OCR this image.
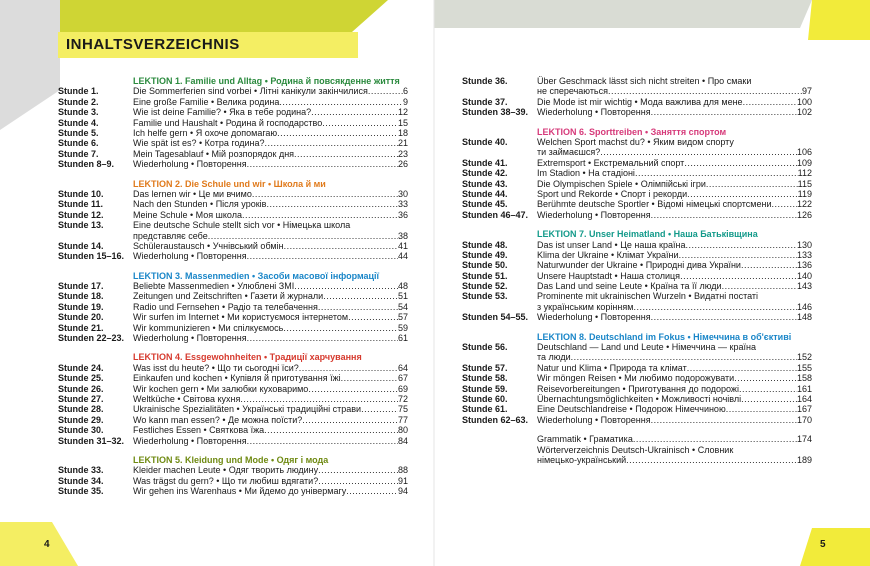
INHALTSVERZEICHNIS
LEKTION 1. Familie und Alltag • Родина й повсякденне життя
Stunde 1.	Die Sommerferien sind vorbei • Літні канікули закінчилися .....	6
Stunde 2.	Eine große Familie • Велика родина .....	9
Stunde 3.	Wie ist deine Familie? • Яка в тебе родина? .....	12
Stunde 4.	Familie und Haushalt • Родина й господарство .....	15
Stunde 5.	Ich helfe gern • Я охоче допомагаю .....	18
Stunde 6.	Wie spät ist es? • Котра година? .....	21
Stunde 7.	Mein Tagesablauf • Мій розпорядок дня .....	23
Stunden 8–9.	Wiederholung • Повторення .....	26
LEKTION 2. Die Schule und wir • Школа й ми
Stunde 10.	Das lernen wir • Це ми вчимо .....	30
Stunde 11.	Nach den Stunden • Після уроків .....	33
Stunde 12.	Meine Schule • Моя школа .....	36
Stunde 13.	Eine deutsche Schule stellt sich vor • Німецька школа
представляє себе .....	38
Stunde 14.	Schüleraustausch • Учнівський обмін .....	41
Stunden 15–16. Wiederholung • Повторення .....	44
LEKTION 3. Massenmedien • Засоби масової інформації
Stunde 17.	Beliebte Massenmedien • Улюблені ЗМІ .....	48
Stunde 18.	Zeitungen und Zeitschriften • Газети й журнали .....	51
Stunde 19.	Radio und Fernsehen • Радіо та телебачення .....	54
Stunde 20.	Wir surfen im Internet • Ми користуємося інтернетом .....	57
Stunde 21.	Wir kommunizieren • Ми спілкуємось .....	59
Stunden 22–23. Wiederholung • Повторення .....	61
LEKTION 4. Essgewohnheiten • Традиції харчування
Stunde 24.	Was isst du heute? • Що ти сьогодні їси? .....	64
Stunde 25.	Einkaufen und kochen • Купівля й приготування їжі .....	67
Stunde 26.	Wir kochen gern • Ми залюбки куховаримо .....	69
Stunde 27.	Weltküche • Світова кухня .....	72
Stunde 28.	Ukrainische Spezialitäten • Українські традиційні страви .....	75
Stunde 29.	Wo kann man essen? • Де можна поїсти? .....	77
Stunde 30.	Festliches Essen • Святкова їжа .....	80
Stunden 31–32. Wiederholung • Повторення .....	84
LEKTION 5. Kleidung und Mode • Одяг і мода
Stunde 33.	Kleider machen Leute • Одяг творить людину .....	88
Stunde 34.	Was trägst du gern? • Що ти любиш вдягати? .....	91
Stunde 35.	Wir gehen ins Warenhaus • Ми йдемо до універмагу .....	94
Stunde 36.	Über Geschmack lässt sich nicht streiten • Про смаки
не сперечаються .....	97
Stunde 37.	Die Mode ist mir wichtig • Мода важлива для мене .....	100
Stunden 38–39. Wiederholung • Повторення .....	102
LEKTION 6. Sporttreiben • Заняття спортом
Stunde 40.	Welchen Sport machst du? • Яким видом спорту
ти займаєшся? .....	106
Stunde 41.	Extremsport • Екстремальний спорт .....	109
Stunde 42.	Im Stadion • На стадіоні .....	112
Stunde 43.	Die Olympischen Spiele • Олімпійські ігри .....	115
Stunde 44.	Sport und Rekorde • Спорт і рекорди .....	119
Stunde 45.	Berühmte deutsche Sportler • Відомі німецькі спортсмени .....	122
Stunden 46–47. Wiederholung • Повторення .....	126
LEKTION 7. Unser Heimatland • Наша Батьківщина
Stunde 48.	Das ist unser Land • Це наша країна .....	130
Stunde 49.	Klima der Ukraine • Клімат України .....	133
Stunde 50.	Naturwunder der Ukraine • Природні дива України .....	136
Stunde 51.	Unsere Hauptstadt • Наша столиця .....	140
Stunde 52.	Das Land und seine Leute • Країна та її люди .....	143
Stunde 53.	Prominente mit ukrainischen Wurzeln • Видатні постаті
з українським корінням .....	146
Stunden 54–55. Wiederholung • Повторення .....	148
LEKTION 8. Deutschland im Fokus • Німеччина в об'єктиві
Stunde 56.	Deutschland — Land und Leute • Німеччина — країна
та люди .....	152
Stunde 57.	Natur und Klima • Природа та клімат .....	155
Stunde 58.	Wir möngen Reisen • Ми любимо подорожувати .....	158
Stunde 59.	Reisevorbereitungen • Приготування до подорожі .....	161
Stunde 60.	Übernachtungsmöglichkeiten • Можливості ночівлі .....	164
Stunde 61.	Eine Deutschlandreise • Подорож Німеччиною .....	167
Stunden 62–63. Wiederholung • Повторення .....	170
Grammatik • Граматика .....	174
Wörterverzeichnis Deutsch-Ukrainisch • Словник
німецько-український .....	189
4	5
